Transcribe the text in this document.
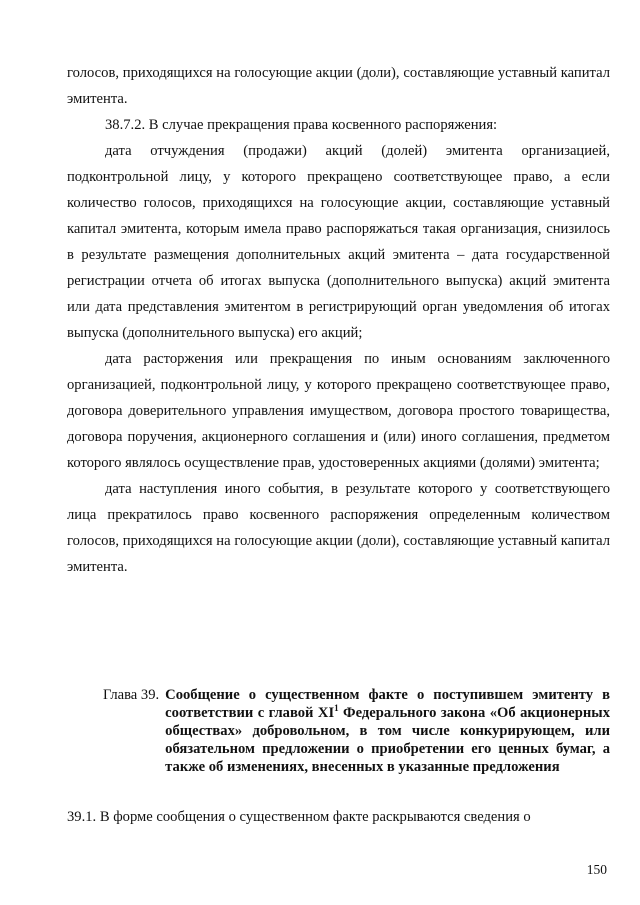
голосов, приходящихся на голосующие акции (доли), составляющие уставный капитал эмитента.

38.7.2. В случае прекращения права косвенного распоряжения:

дата отчуждения (продажи) акций (долей) эмитента организацией, подконтрольной лицу, у которого прекращено соответствующее право, а если количество голосов, приходящихся на голосующие акции, составляющие уставный капитал эмитента, которым имела право распоряжаться такая организация, снизилось в результате размещения дополнительных акций эмитента – дата государственной регистрации отчета об итогах выпуска (дополнительного выпуска) акций эмитента или дата представления эмитентом в регистрирующий орган уведомления об итогах выпуска (дополнительного выпуска) его акций;

дата расторжения или прекращения по иным основаниям заключенного организацией, подконтрольной лицу, у которого прекращено соответствующее право, договора доверительного управления имуществом, договора простого товарищества, договора поручения, акционерного соглашения и (или) иного соглашения, предметом которого являлось осуществление прав, удостоверенных акциями (долями) эмитента;

дата наступления иного события, в результате которого у соответствующего лица прекратилось право косвенного распоряжения определенным количеством голосов, приходящихся на голосующие акции (доли), составляющие уставный капитал эмитента.

Глава 39. Сообщение о существенном факте о поступившем эмитенту в соответствии с главой $XI^1$ Федерального закона «Об акционерных обществах» добровольном, в том числе конкурирующем, или обязательном предложении о приобретении его ценных бумаг, а также об изменениях, внесенных в указанные предложения

39.1. В форме сообщения о существенном факте раскрываются сведения о

150
